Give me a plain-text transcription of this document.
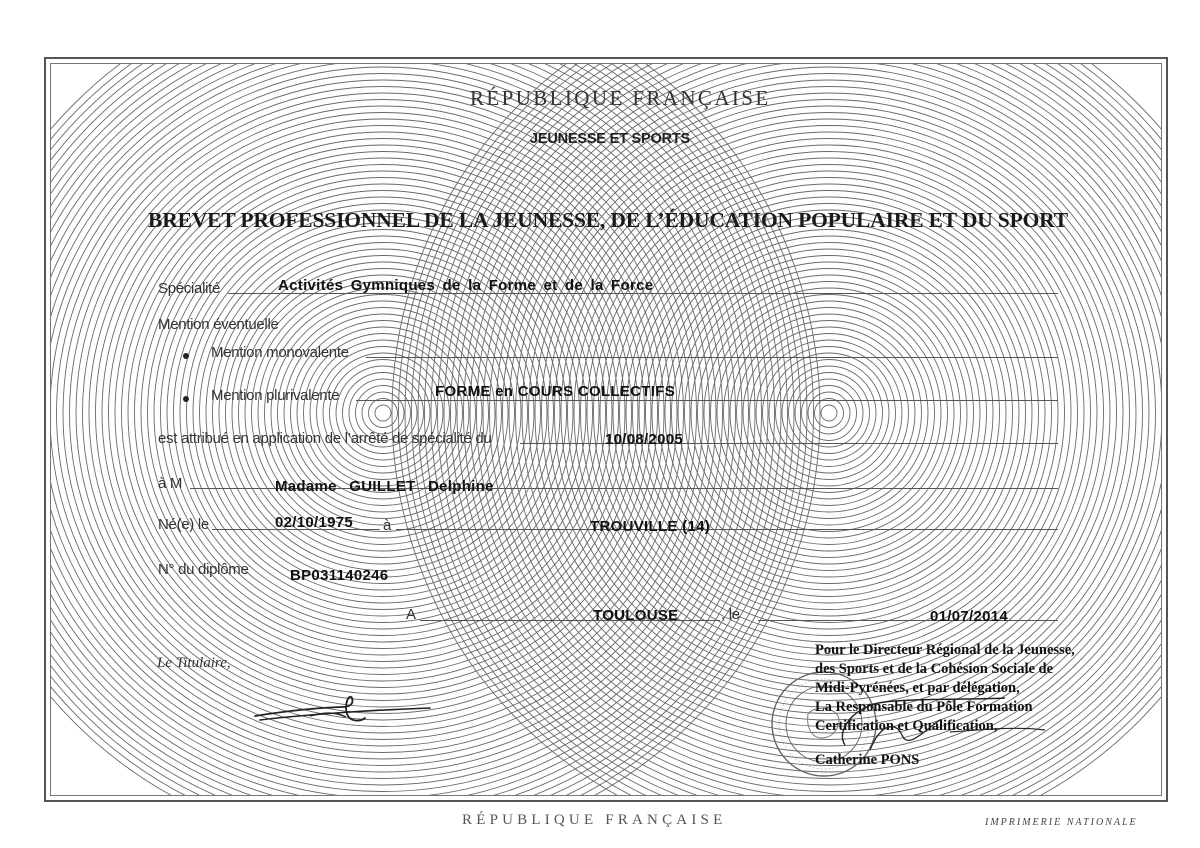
RÉPUBLIQUE FRANÇAISE
JEUNESSE ET SPORTS
BREVET PROFESSIONNEL DE LA JEUNESSE, DE L’ÉDUCATION POPULAIRE ET DU SPORT
Spécialité	Activités Gymniques de la Forme et de la Force
Mention éventuelle
Mention monovalente
Mention plurivalente	FORME en COURS COLLECTIFS
est attribué en application de l’arrêté de spécialité du	10/08/2005
à M	Madame GUILLET Delphine
Né(e) le	02/10/1975 à	TROUVILLE (14)
N° du diplôme	BP031140246
A	TOULOUSE	, le	01/07/2014
Le Titulaire,
Pour le Directeur Régional de la Jeunesse,
des Sports et de la Cohésion Sociale de
Midi-Pyrénées, et par délégation,
La Responsable du Pôle Formation
Certification et Qualification,
Catherine PONS
RÉPUBLIQUE FRANÇAISE	IMPRIMERIE NATIONALE
